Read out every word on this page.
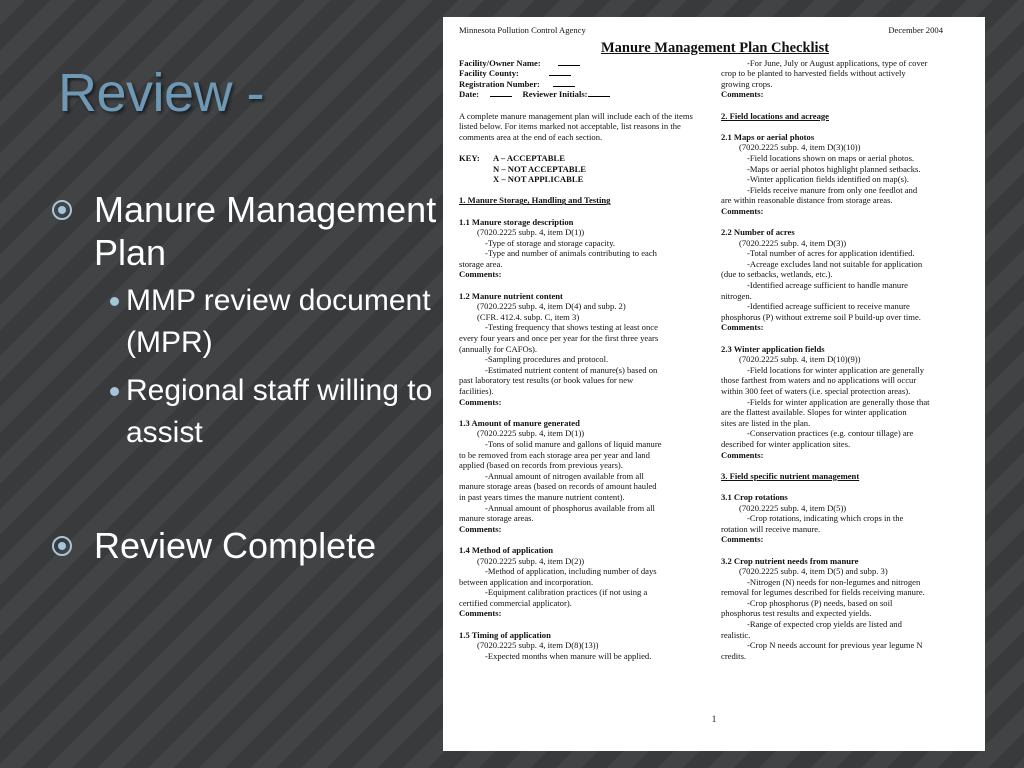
Review -
Manure Management Plan
MMP review document (MPR)
Regional staff willing to assist
Review Complete
Minnesota Pollution Control Agency	December 2004
Manure Management Plan Checklist

Facility/Owner Name:

Facility County:

Registration Number:

Date:	Reviewer Initials:

A complete manure management plan will include each of the items listed below. For items marked not acceptable, list reasons in the comments area at the end of each section.

KEY:	A – ACCEPTABLE

N – NOT ACCEPTABLE

X – NOT APPLICABLE

1. Manure Storage, Handling and Testing

1.1 Manure storage description

(7020.2225 subp. 4, item D(1))

-Type of storage and storage capacity.

-Type and number of animals contributing to each

storage area.

Comments:

1.2 Manure nutrient content

(7020.2225 subp. 4, item D(4) and subp. 2)

(CFR. 412.4. subp. C, item 3)

-Testing frequency that shows testing at least once

every four years and once per year for the first three years

(annually for CAFOs).

-Sampling procedures and protocol.

-Estimated nutrient content of manure(s) based on

past laboratory test results (or book values for new

facilities).

Comments:

1.3 Amount of manure generated

(7020.2225 subp. 4, item D(1))

-Tons of solid manure and gallons of liquid manure

to be removed from each storage area per year and land

applied (based on records from previous years).

-Annual amount of nitrogen available from all

manure storage areas (based on records of amount hauled

in past years times the manure nutrient content).

-Annual amount of phosphorus available from all

manure storage areas.

Comments:

1.4 Method of application

(7020.2225 subp. 4, item D(2))

-Method of application, including number of days

between application and incorporation.

-Equipment calibration practices (if not using a

certified commercial applicator).

Comments:

1.5 Timing of application

(7020.2225 subp. 4, item D(8)(13))

-Expected months when manure will be applied.

-For June, July or August applications, type of cover

crop to be planted to harvested fields without actively

growing crops.

Comments:

2. Field locations and acreage

2.1 Maps or aerial photos

(7020.2225 subp. 4, item D(3)(10))

-Field locations shown on maps or aerial photos.

-Maps or aerial photos highlight planned setbacks.

-Winter application fields identified on map(s).

-Fields receive manure from only one feedlot and

are within reasonable distance from storage areas.

Comments:

2.2 Number of acres

(7020.2225 subp. 4, item D(3))

-Total number of acres for application identified.

-Acreage excludes land not suitable for application

(due to setbacks, wetlands, etc.).

-Identified acreage sufficient to handle manure

nitrogen.

-Identified acreage sufficient to receive manure

phosphorus (P) without extreme soil P build-up over time.

Comments:

2.3 Winter application fields

(7020.2225 subp. 4, item D(10)(9))

-Field locations for winter application are generally

those farthest from waters and no applications will occur

within 300 feet of waters (i.e. special protection areas).

-Fields for winter application are generally those that

are the flattest available. Slopes for winter application

sites are listed in the plan.

-Conservation practices (e.g. contour tillage) are

described for winter application sites.

Comments:

3. Field specific nutrient management

3.1 Crop rotations

(7020.2225 subp. 4, item D(5))

-Crop rotations, indicating which crops in the

rotation will receive manure.

Comments:

3.2 Crop nutrient needs from manure

(7020.2225 subp. 4, item D(5) and subp. 3)

-Nitrogen (N) needs for non-legumes and nitrogen

removal for legumes described for fields receiving manure.

-Crop phosphorus (P) needs, based on soil

phosphorus test results and expected yields.

-Range of expected crop yields are listed and

realistic.

-Crop N needs account for previous year legume N

credits.

1
